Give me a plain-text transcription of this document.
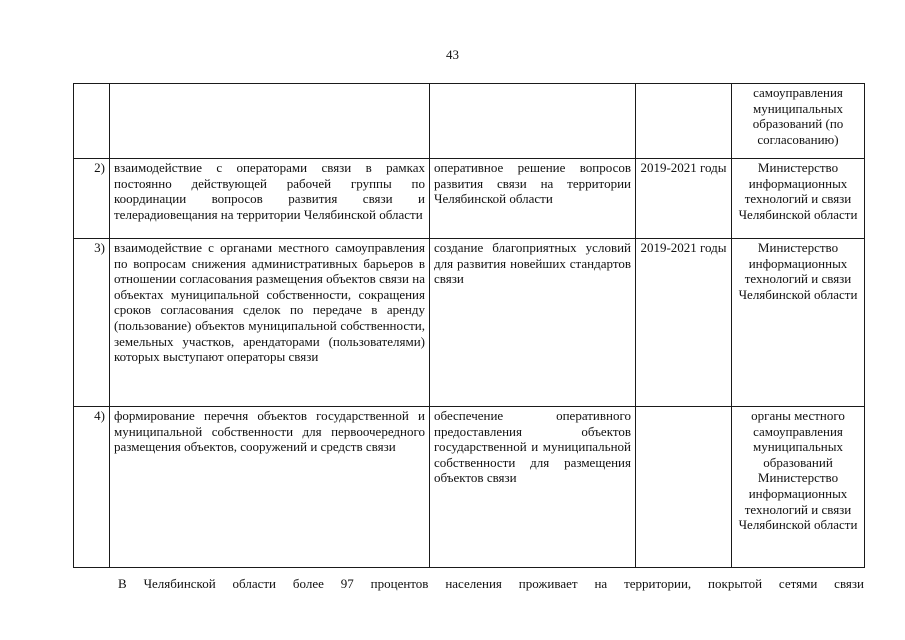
43
				самоуправления муниципальных образований (по согласованию)
2)	взаимодействие с операторами связи в рамках постоянно действующей рабочей группы по координации вопросов развития связи и телерадиовещания на территории Челябинской области	оперативное решение вопросов развития связи на территории Челябинской области	2019-2021 годы	Министерство информационных технологий и связи Челябинской области
3)	взаимодействие с органами местного самоуправления по вопросам снижения административных барьеров в отношении согласования размещения объектов связи на объектах муниципальной собственности, сокращения сроков согласования сделок по передаче в аренду (пользование) объектов муниципальной собственности, земельных участков, арендаторами (пользователями) которых выступают операторы связи	создание благоприятных условий для развития новейших стандартов связи	2019-2021 годы	Министерство информационных технологий и связи Челябинской области
4)	формирование перечня объектов государственной и муниципальной собственности для первоочередного размещения объектов, сооружений и средств связи	обеспечение оперативного предоставления объектов государственной и муниципальной собственности для размещения объектов связи		органы местного самоуправления муниципальных образований Министерство информационных технологий и связи Челябинской области
В Челябинской области более 97 процентов населения проживает на территории, покрытой сетями связи
